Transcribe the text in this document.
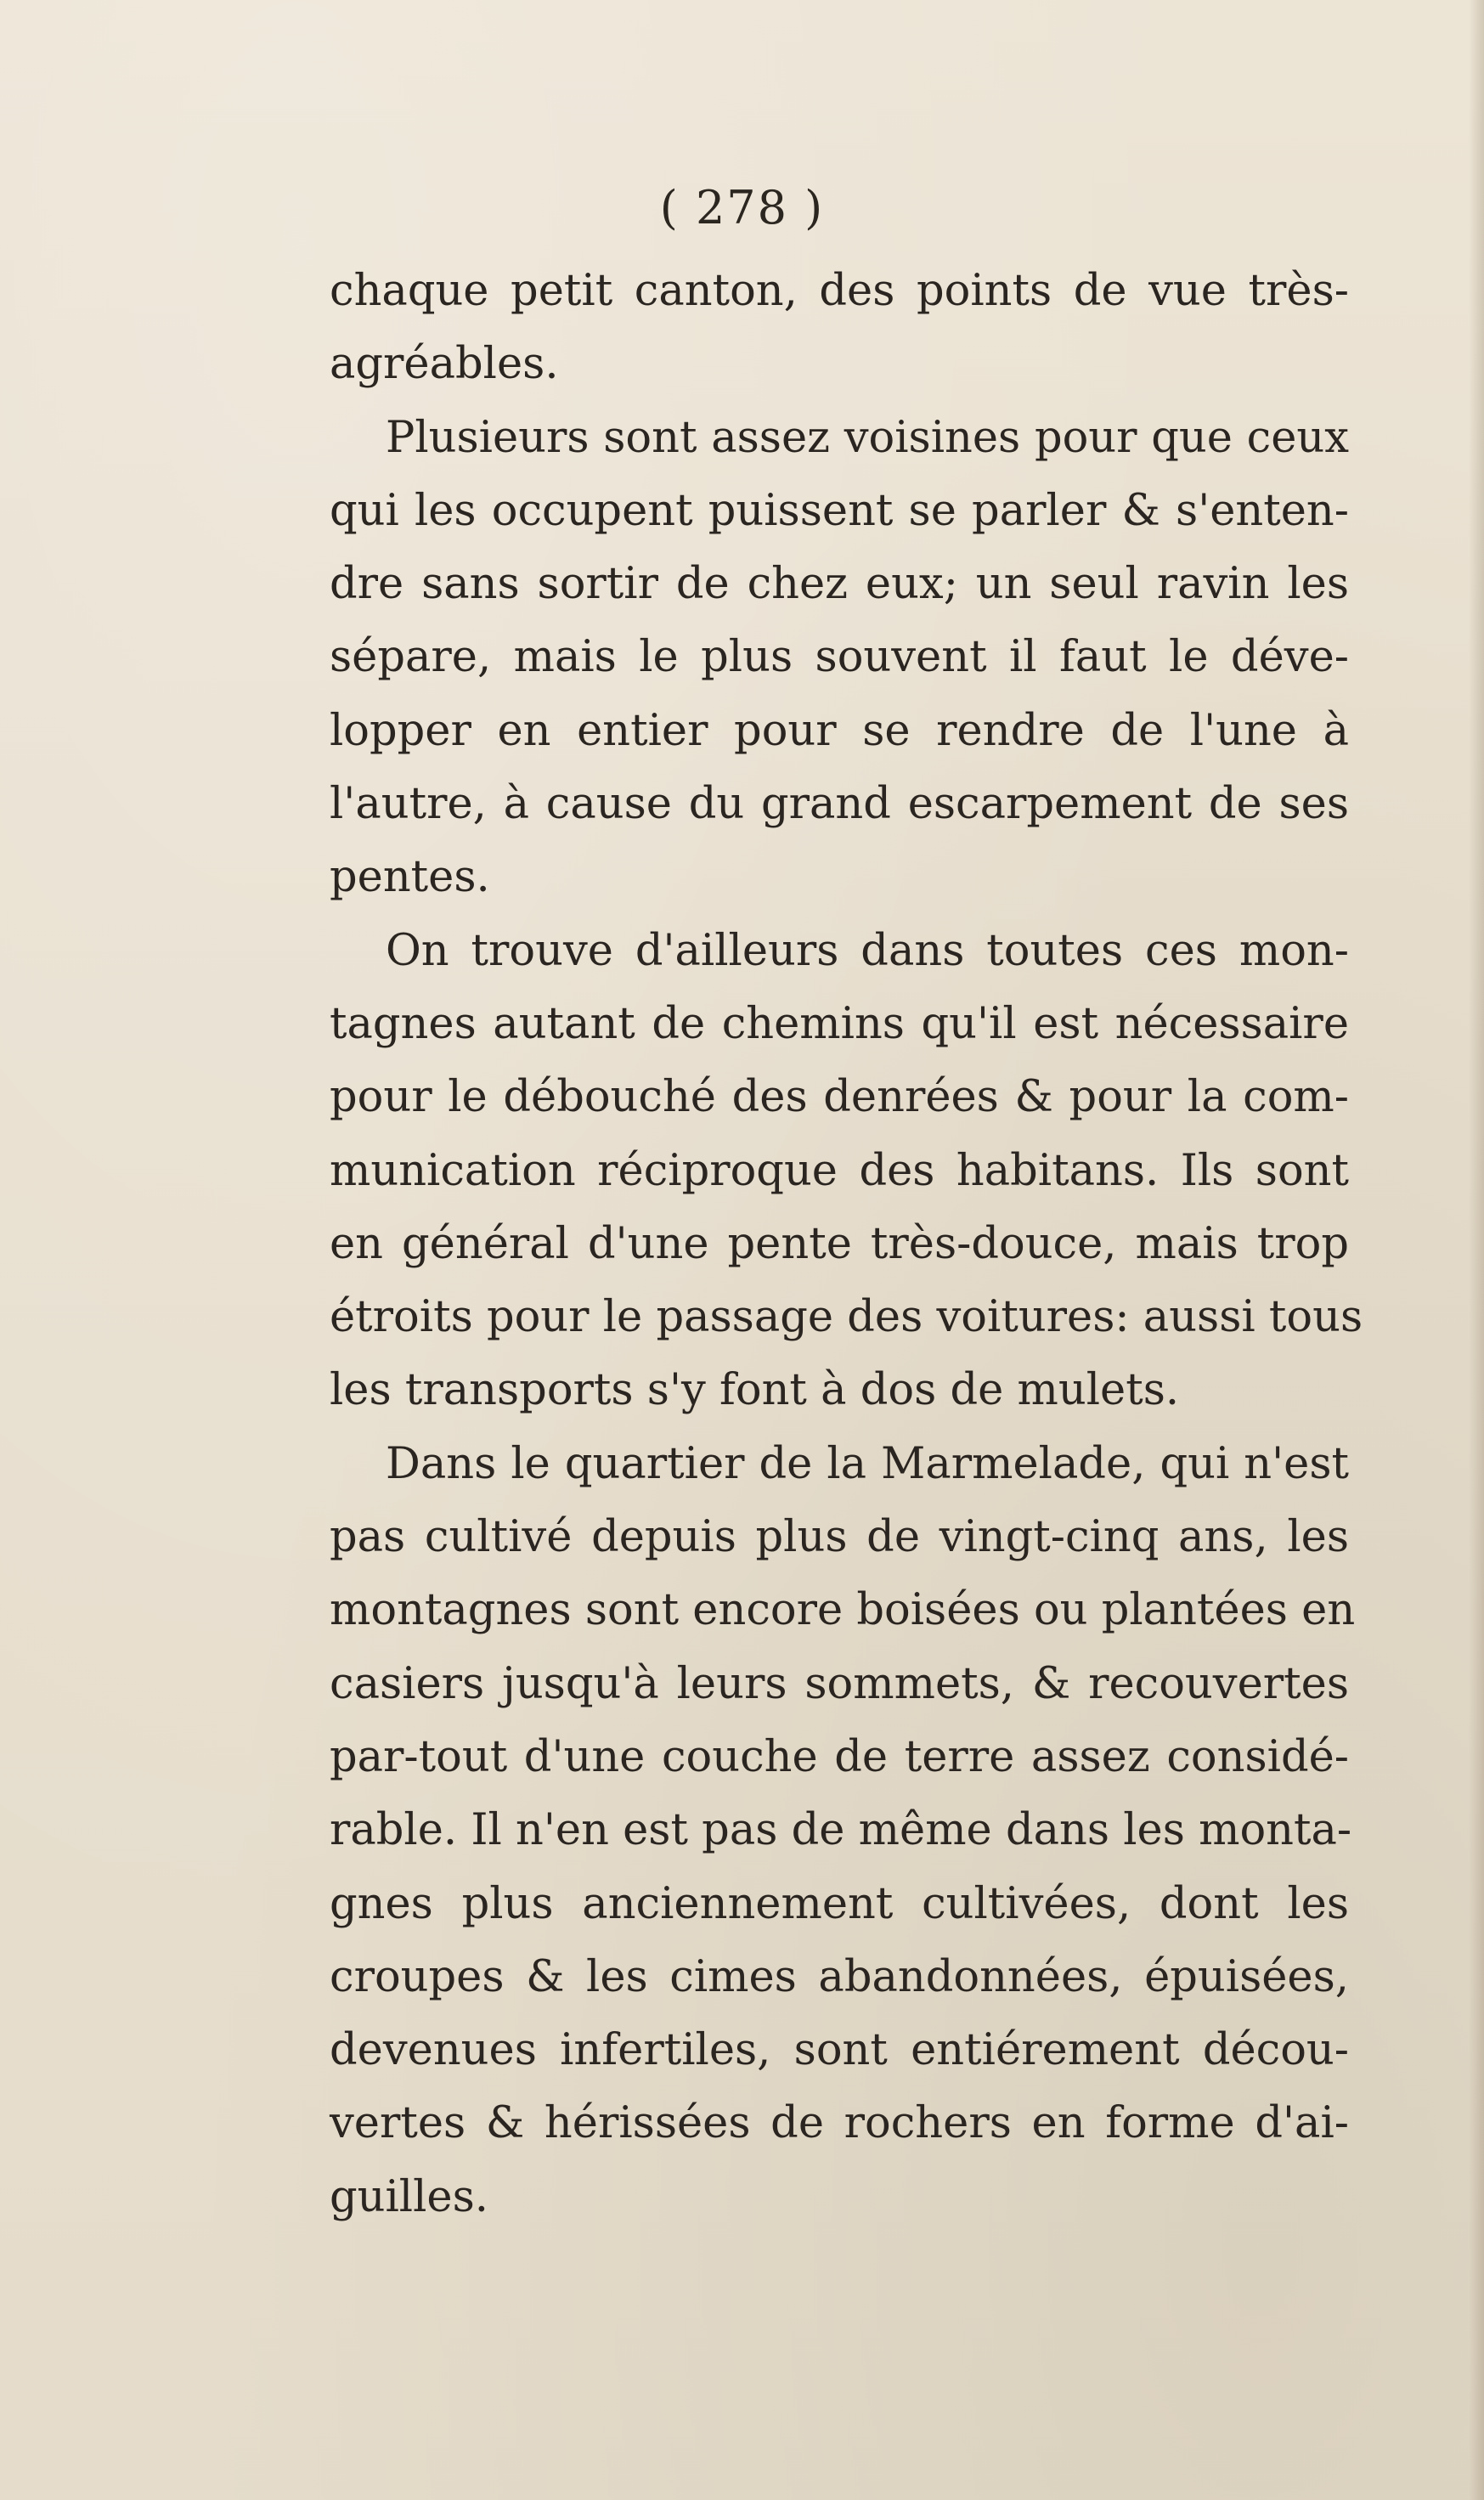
( 278 )
chaque petit canton, des points de vue très-
agréables.
Plusieurs sont assez voisines pour que ceux
qui les occupent puissent se parler & s'enten-
dre sans sortir de chez eux; un seul ravin les
sépare, mais le plus souvent il faut le déve-
lopper en entier pour se rendre de l'une à
l'autre, à cause du grand escarpement de ses
pentes.
On trouve d'ailleurs dans toutes ces mon-
tagnes autant de chemins qu'il est nécessaire
pour le débouché des denrées & pour la com-
munication réciproque des habitans. Ils sont
en général d'une pente très-douce, mais trop
étroits pour le passage des voitures: aussi tous
les transports s'y font à dos de mulets.
Dans le quartier de la Marmelade, qui n'est
pas cultivé depuis plus de vingt-cinq ans, les
montagnes sont encore boisées ou plantées en
casiers jusqu'à leurs sommets, & recouvertes
par-tout d'une couche de terre assez considé-
rable. Il n'en est pas de même dans les monta-
gnes plus anciennement cultivées, dont les
croupes & les cimes abandonnées, épuisées,
devenues infertiles, sont entiérement décou-
vertes & hérissées de rochers en forme d'ai-
guilles.
